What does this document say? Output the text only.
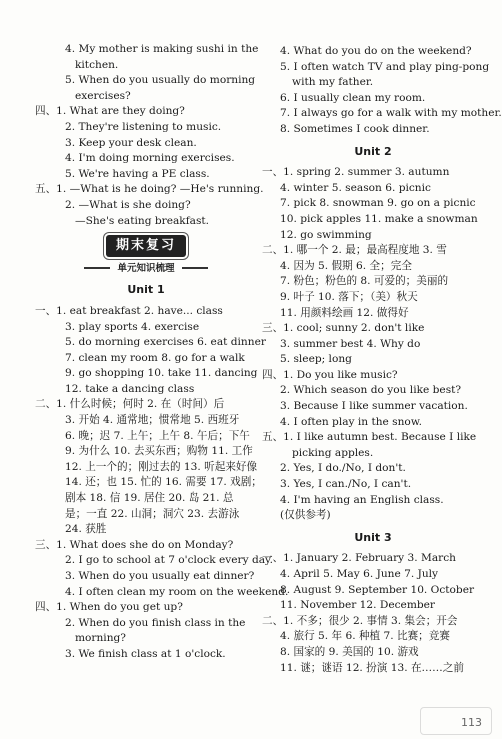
4. My mother is making sushi in the
kitchen.
5. When do you usually do morning
exercises?
四、1. What are they doing?
2. They're listening to music.
3. Keep your desk clean.
4. I'm doing morning exercises.
5. We're having a PE class.
五、1. —What is he doing? —He's running.
2. —What is she doing?
—She's eating breakfast.
期末复习
单元知识梳理
Unit 1
一、1. eat breakfast 2. have... class
3. play sports 4. exercise
5. do morning exercises 6. eat dinner
7. clean my room 8. go for a walk
9. go shopping 10. take 11. dancing
12. take a dancing class
二、1. 什么时候；何时 2. 在（时间）后
3. 开始 4. 通常地；惯常地 5. 西班牙
6. 晚；迟 7. 上午；上午 8. 午后；下午
9. 为什么 10. 去买东西；购物 11. 工作
12. 上一个的；刚过去的 13. 听起来好像
14. 还；也 15. 忙的 16. 需要 17. 戏剧；
剧本 18. 信 19. 居住 20. 岛 21. 总
是；一直 22. 山洞；洞穴 23. 去游泳
24. 获胜
三、1. What does she do on Monday?
2. I go to school at 7 o'clock every day.
3. When do you usually eat dinner?
4. I often clean my room on the weekend.
四、1. When do you get up?
2. When do you finish class in the
morning?
3. We finish class at 1 o'clock.
4. What do you do on the weekend?
5. I often watch TV and play ping-pong
with my father.
6. I usually clean my room.
7. I always go for a walk with my mother.
8. Sometimes I cook dinner.
Unit 2
一、1. spring 2. summer 3. autumn
4. winter 5. season 6. picnic
7. pick 8. snowman 9. go on a picnic
10. pick apples 11. make a snowman
12. go swimming
二、1. 哪一个 2. 最；最高程度地 3. 雪
4. 因为 5. 假期 6. 全；完全
7. 粉色；粉色的 8. 可爱的；美丽的
9. 叶子 10. 落下；（美）秋天
11. 用颜料绘画 12. 做得好
三、1. cool; sunny 2. don't like
3. summer best 4. Why do
5. sleep; long
四、1. Do you like music?
2. Which season do you like best?
3. Because I like summer vacation.
4. I often play in the snow.
五、1. I like autumn best. Because I like
picking apples.
2. Yes, I do./No, I don't.
3. Yes, I can./No, I can't.
4. I'm having an English class.
(仅供参考)
Unit 3
一、1. January 2. February 3. March
4. April 5. May 6. June 7. July
8. August 9. September 10. October
11. November 12. December
二、1. 不多；很少 2. 事情 3. 集会；开会
4. 旅行 5. 年 6. 种植 7. 比赛；竞赛
8. 国家的 9. 美国的 10. 游戏
11. 谜；谜语 12. 扮演 13. 在……之前
113
